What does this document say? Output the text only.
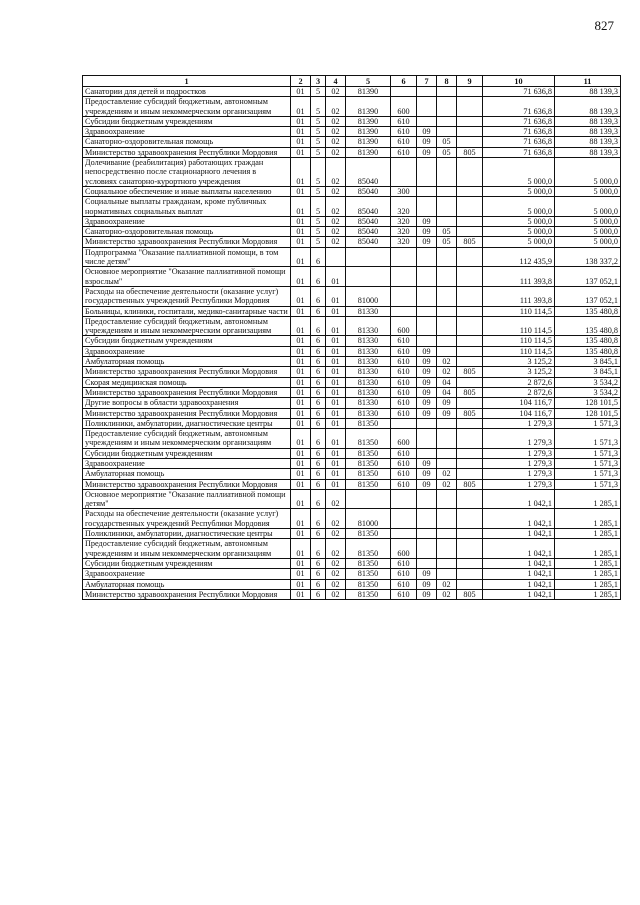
827
1	2	3	4	5	6	7	8	9	10	11
Санатории для детей и подростков	01	5	02	81390					71 636,8	88 139,3
Предоставление субсидий бюджетным, автономным учреждениям и иным некоммерческим организациям	01	5	02	81390	600				71 636,8	88 139,3
Субсидии бюджетным учреждениям	01	5	02	81390	610				71 636,8	88 139,3
Здравоохранение	01	5	02	81390	610	09			71 636,8	88 139,3
Санаторно-оздоровительная помощь	01	5	02	81390	610	09	05		71 636,8	88 139,3
Министерство здравоохранения Республики Мордовия	01	5	02	81390	610	09	05	805	71 636,8	88 139,3
Долечивание (реабилитация) работающих граждан непосредственно после стационарного лечения в условиях санаторно-курортного учреждения	01	5	02	85040					5 000,0	5 000,0
Социальное обеспечение и иные выплаты населению	01	5	02	85040	300				5 000,0	5 000,0
Социальные выплаты гражданам, кроме публичных нормативных социальных выплат	01	5	02	85040	320				5 000,0	5 000,0
Здравоохранение	01	5	02	85040	320	09			5 000,0	5 000,0
Санаторно-оздоровительная помощь	01	5	02	85040	320	09	05		5 000,0	5 000,0
Министерство здравоохранения Республики Мордовия	01	5	02	85040	320	09	05	805	5 000,0	5 000,0
Подпрограмма "Оказание паллиативной помощи, в том числе детям"	01	6							112 435,9	138 337,2
Основное мероприятие "Оказание паллиативной помощи взрослым"	01	6	01						111 393,8	137 052,1
Расходы на обеспечение деятельности (оказание услуг) государственных учреждений Республики Мордовия	01	6	01	81000					111 393,8	137 052,1
Больницы, клиники, госпитали, медико-санитарные части	01	6	01	81330					110 114,5	135 480,8
Предоставление субсидий бюджетным, автономным учреждениям и иным некоммерческим организациям	01	6	01	81330	600				110 114,5	135 480,8
Субсидии бюджетным учреждениям	01	6	01	81330	610				110 114,5	135 480,8
Здравоохранение	01	6	01	81330	610	09			110 114,5	135 480,8
Амбулаторная помощь	01	6	01	81330	610	09	02		3 125,2	3 845,1
Министерство здравоохранения Республики Мордовия	01	6	01	81330	610	09	02	805	3 125,2	3 845,1
Скорая медицинская помощь	01	6	01	81330	610	09	04		2 872,6	3 534,2
Министерство здравоохранения Республики Мордовия	01	6	01	81330	610	09	04	805	2 872,6	3 534,2
Другие вопросы в области здравоохранения	01	6	01	81330	610	09	09		104 116,7	128 101,5
Министерство здравоохранения Республики Мордовия	01	6	01	81330	610	09	09	805	104 116,7	128 101,5
Поликлиники, амбулатории, диагностические центры	01	6	01	81350					1 279,3	1 571,3
Предоставление субсидий бюджетным, автономным учреждениям и иным некоммерческим организациям	01	6	01	81350	600				1 279,3	1 571,3
Субсидии бюджетным учреждениям	01	6	01	81350	610				1 279,3	1 571,3
Здравоохранение	01	6	01	81350	610	09			1 279,3	1 571,3
Амбулаторная помощь	01	6	01	81350	610	09	02		1 279,3	1 571,3
Министерство здравоохранения Республики Мордовия	01	6	01	81350	610	09	02	805	1 279,3	1 571,3
Основное мероприятие "Оказание паллиативной помощи детям"	01	6	02						1 042,1	1 285,1
Расходы на обеспечение деятельности (оказание услуг) государственных учреждений Республики Мордовия	01	6	02	81000					1 042,1	1 285,1
Поликлиники, амбулатории, диагностические центры	01	6	02	81350					1 042,1	1 285,1
Предоставление субсидий бюджетным, автономным учреждениям и иным некоммерческим организациям	01	6	02	81350	600				1 042,1	1 285,1
Субсидии бюджетным учреждениям	01	6	02	81350	610				1 042,1	1 285,1
Здравоохранение	01	6	02	81350	610	09			1 042,1	1 285,1
Амбулаторная помощь	01	6	02	81350	610	09	02		1 042,1	1 285,1
Министерство здравоохранения Республики Мордовия	01	6	02	81350	610	09	02	805	1 042,1	1 285,1
